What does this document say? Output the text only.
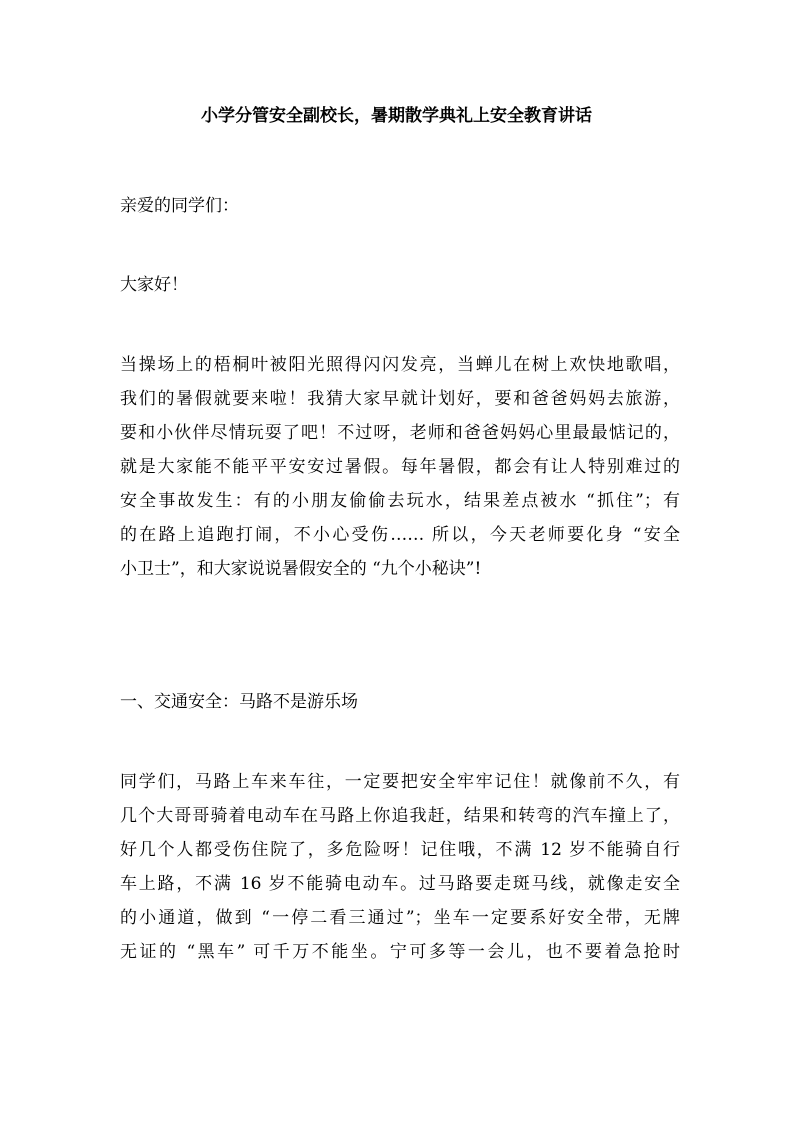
小学分管安全副校长，暑期散学典礼上安全教育讲话

亲爱的同学们：

大家好！

当操场上的梧桐叶被阳光照得闪闪发亮，当蝉儿在树上欢快地歌唱，
我们的暑假就要来啦！我猜大家早就计划好，要和爸爸妈妈去旅游，
要和小伙伴尽情玩耍了吧！不过呀，老师和爸爸妈妈心里最最惦记的，
就是大家能不能平平安安过暑假。每年暑假，都会有让人特别难过的
安全事故发生：有的小朋友偷偷去玩水，结果差点被水 “抓住”；有
的在路上追跑打闹，不小心受伤…… 所以，今天老师要化身 “安全
小卫士”，和大家说说暑假安全的 “九个小秘诀”!

一、交通安全：马路不是游乐场

同学们，马路上车来车往，一定要把安全牢牢记住！就像前不久，有
几个大哥哥骑着电动车在马路上你追我赶，结果和转弯的汽车撞上了，
好几个人都受伤住院了，多危险呀！记住哦，不满 12 岁不能骑自行
车上路，不满 16 岁不能骑电动车。过马路要走斑马线，就像走安全
的小通道，做到 “一停二看三通过”；坐车一定要系好安全带，无牌
无证的 “黑车” 可千万不能坐。宁可多等一会儿，也不要着急抢时
